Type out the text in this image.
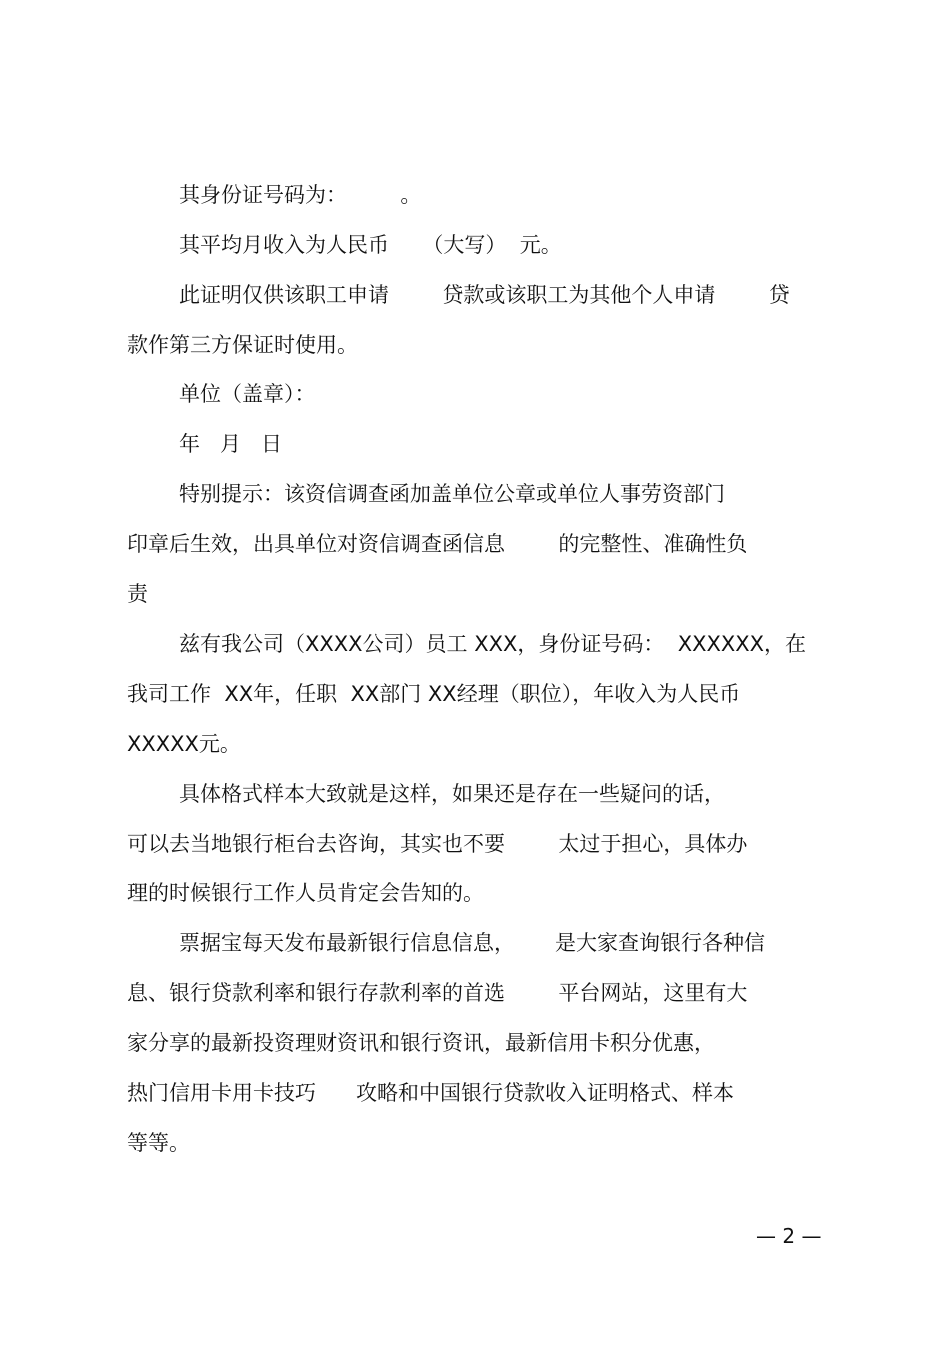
其身份证号码为：        。
其平均月收入为人民币     （大写）  元。
此证明仅供该职工申请        贷款或该职工为其他个人申请        贷
款作第三方保证时使用。
单位（盖章）：
年   月   日
特别提示：该资信调查函加盖单位公章或单位人事劳资部门
印章后生效，出具单位对资信调查函信息        的完整性、准确性负
责
兹有我公司（XXXX公司）员工 XXX，身份证号码：  XXXXXX，在
我司工作  XX年，任职  XX部门 XX经理（职位），年收入为人民币
XXXXX元。
具体格式样本大致就是这样，如果还是存在一些疑问的话，
可以去当地银行柜台去咨询，其实也不要        太过于担心，具体办
理的时候银行工作人员肯定会告知的。
票据宝每天发布最新银行信息信息，      是大家查询银行各种信
息、银行贷款利率和银行存款利率的首选        平台网站，这里有大
家分享的最新投资理财资讯和银行资讯，最新信用卡积分优惠，
热门信用卡用卡技巧      攻略和中国银行贷款收入证明格式、样本
等等。
— 2 —
